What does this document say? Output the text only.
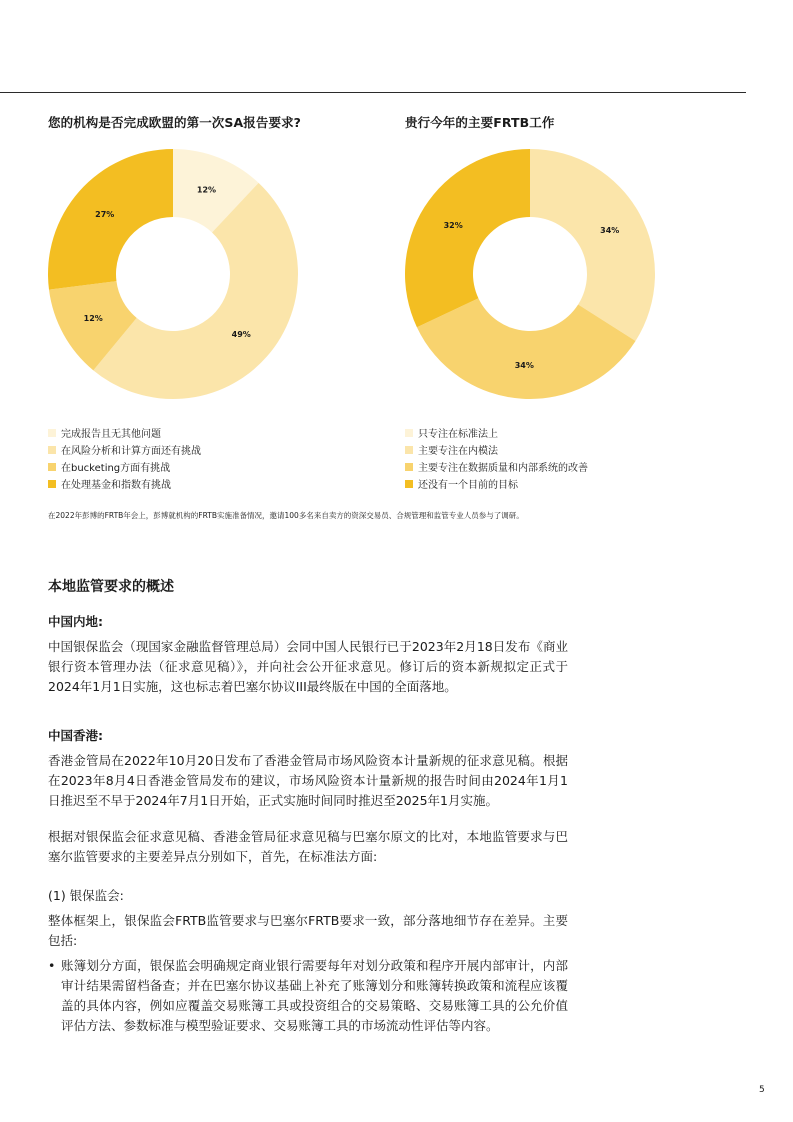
您的机构是否完成欧盟的第一次SA报告要求?
12%
49%
12%
27%
贵行今年的主要FRTB工作
34%
34%
32%
完成报告且无其他问题
在风险分析和计算方面还有挑战
在bucketing方面有挑战
在处理基金和指数有挑战
只专注在标准法上
主要专注在内模法
主要专注在数据质量和内部系统的改善
还没有一个目前的目标
在2022年彭博的FRTB年会上，彭博就机构的FRTB实施准备情况，邀请100多名来自卖方的资深交易员、合规管理和监管专业人员参与了调研。
本地监管要求的概述
中国内地:
中国银保监会（现国家金融监督管理总局）会同中国人民银行已于2023年2月18日发布《商业银行资本管理办法（征求意见稿）》，并向社会公开征求意见。修订后的资本新规拟定正式于2024年1月1日实施，这也标志着巴塞尔协议III最终版在中国的全面落地。
中国香港:
香港金管局在2022年10月20日发布了香港金管局市场风险资本计量新规的征求意见稿。根据在2023年8月4日香港金管局发布的建议，市场风险资本计量新规的报告时间由2024年1月1日推迟至不早于2024年7月1日开始，正式实施时间同时推迟至2025年1月实施。
根据对银保监会征求意见稿、香港金管局征求意见稿与巴塞尔原文的比对，本地监管要求与巴塞尔监管要求的主要差异点分别如下，首先，在标准法方面:
(1) 银保监会:
整体框架上，银保监会FRTB监管要求与巴塞尔FRTB要求一致，部分落地细节存在差异。主要包括:
• 账簿划分方面，银保监会明确规定商业银行需要每年对划分政策和程序开展内部审计，内部审计结果需留档备查；并在巴塞尔协议基础上补充了账簿划分和账簿转换政策和流程应该覆盖的具体内容，例如应覆盖交易账簿工具或投资组合的交易策略、交易账簿工具的公允价值评估方法、参数标准与模型验证要求、交易账簿工具的市场流动性评估等内容。
5
